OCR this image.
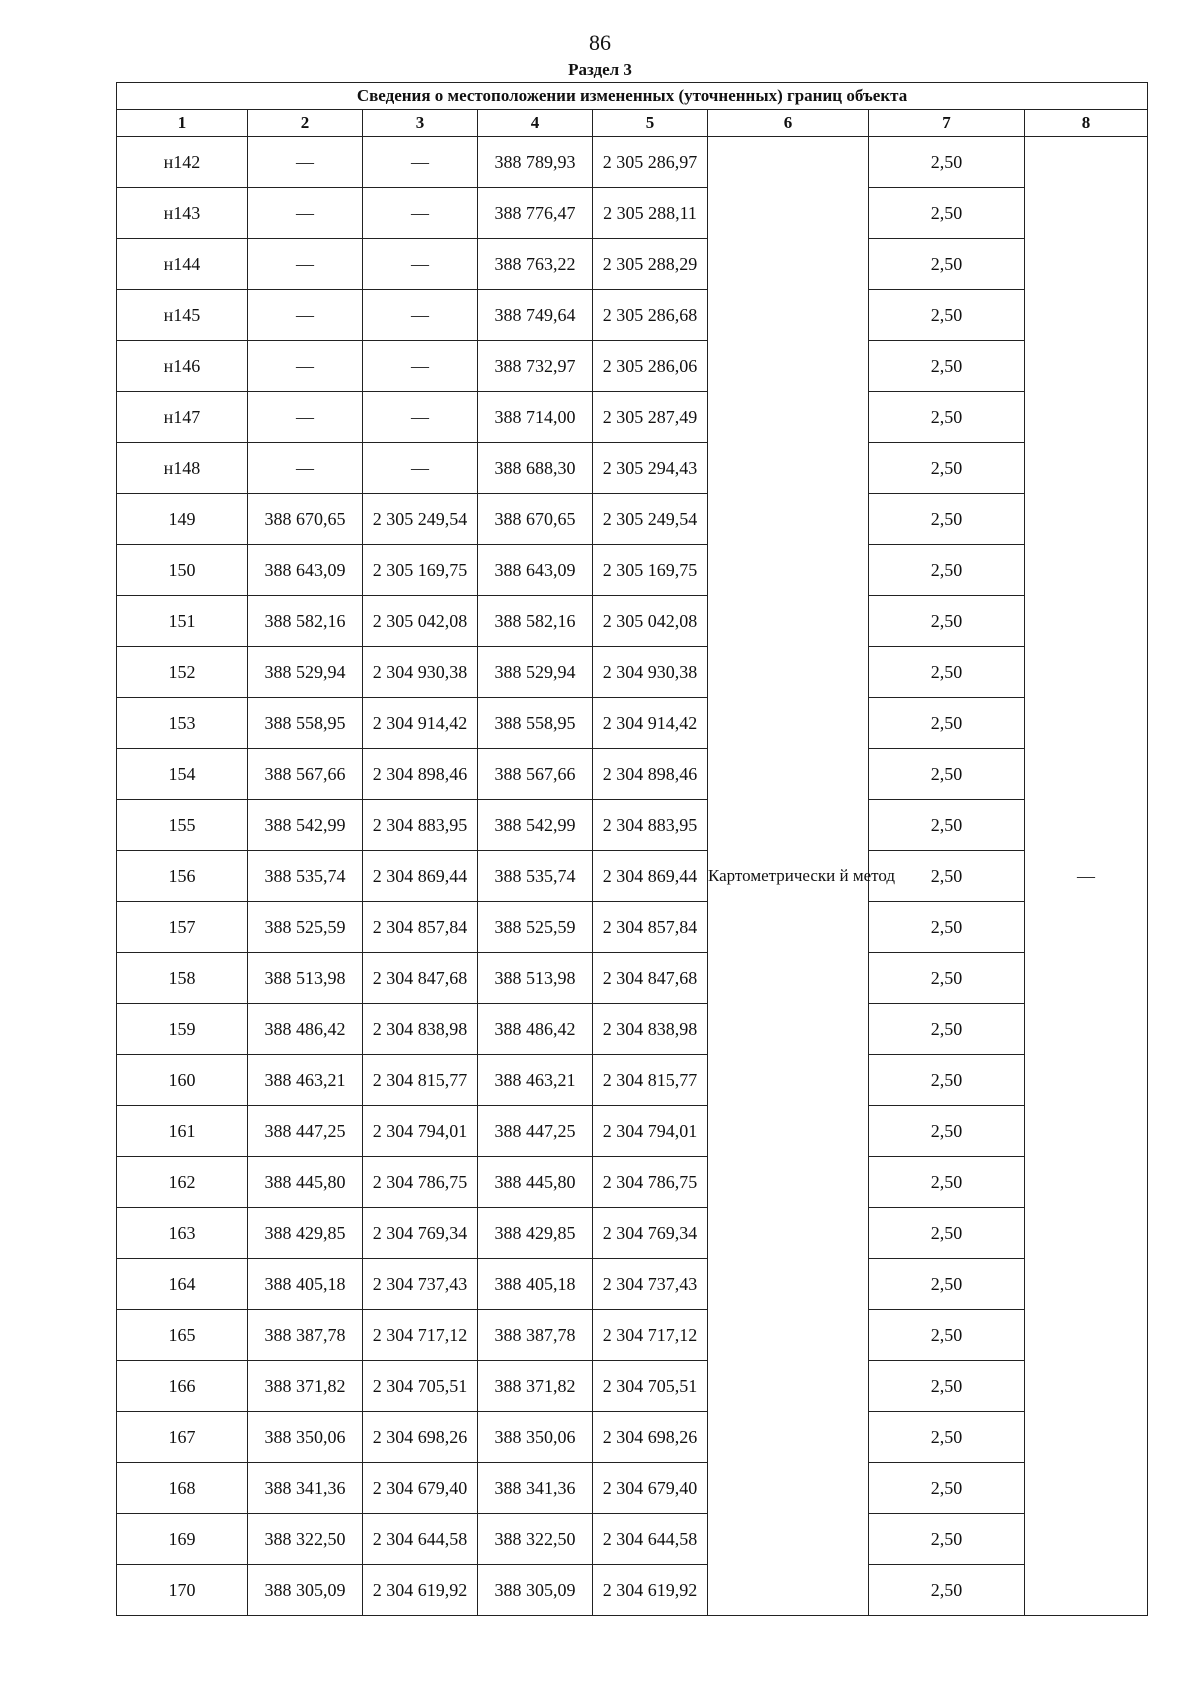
86
Раздел 3
Сведения о местоположении измененных (уточненных) границ объекта							
1	2	3	4	5	6	7	8
н142	—	—	388 789,93	2 305 286,97	Картометрически й метод	2,50	—
н143	—	—	388 776,47	2 305 288,11		2,50	
н144	—	—	388 763,22	2 305 288,29		2,50	
н145	—	—	388 749,64	2 305 286,68		2,50	
н146	—	—	388 732,97	2 305 286,06		2,50	
н147	—	—	388 714,00	2 305 287,49		2,50	
н148	—	—	388 688,30	2 305 294,43		2,50	
149	388 670,65	2 305 249,54	388 670,65	2 305 249,54		2,50	
150	388 643,09	2 305 169,75	388 643,09	2 305 169,75		2,50	
151	388 582,16	2 305 042,08	388 582,16	2 305 042,08		2,50	
152	388 529,94	2 304 930,38	388 529,94	2 304 930,38		2,50	
153	388 558,95	2 304 914,42	388 558,95	2 304 914,42		2,50	
154	388 567,66	2 304 898,46	388 567,66	2 304 898,46		2,50	
155	388 542,99	2 304 883,95	388 542,99	2 304 883,95		2,50	
156	388 535,74	2 304 869,44	388 535,74	2 304 869,44		2,50	
157	388 525,59	2 304 857,84	388 525,59	2 304 857,84		2,50	
158	388 513,98	2 304 847,68	388 513,98	2 304 847,68		2,50	
159	388 486,42	2 304 838,98	388 486,42	2 304 838,98		2,50	
160	388 463,21	2 304 815,77	388 463,21	2 304 815,77		2,50	
161	388 447,25	2 304 794,01	388 447,25	2 304 794,01		2,50	
162	388 445,80	2 304 786,75	388 445,80	2 304 786,75		2,50	
163	388 429,85	2 304 769,34	388 429,85	2 304 769,34		2,50	
164	388 405,18	2 304 737,43	388 405,18	2 304 737,43		2,50	
165	388 387,78	2 304 717,12	388 387,78	2 304 717,12		2,50	
166	388 371,82	2 304 705,51	388 371,82	2 304 705,51		2,50	
167	388 350,06	2 304 698,26	388 350,06	2 304 698,26		2,50	
168	388 341,36	2 304 679,40	388 341,36	2 304 679,40		2,50	
169	388 322,50	2 304 644,58	388 322,50	2 304 644,58		2,50	
170	388 305,09	2 304 619,92	388 305,09	2 304 619,92		2,50	
